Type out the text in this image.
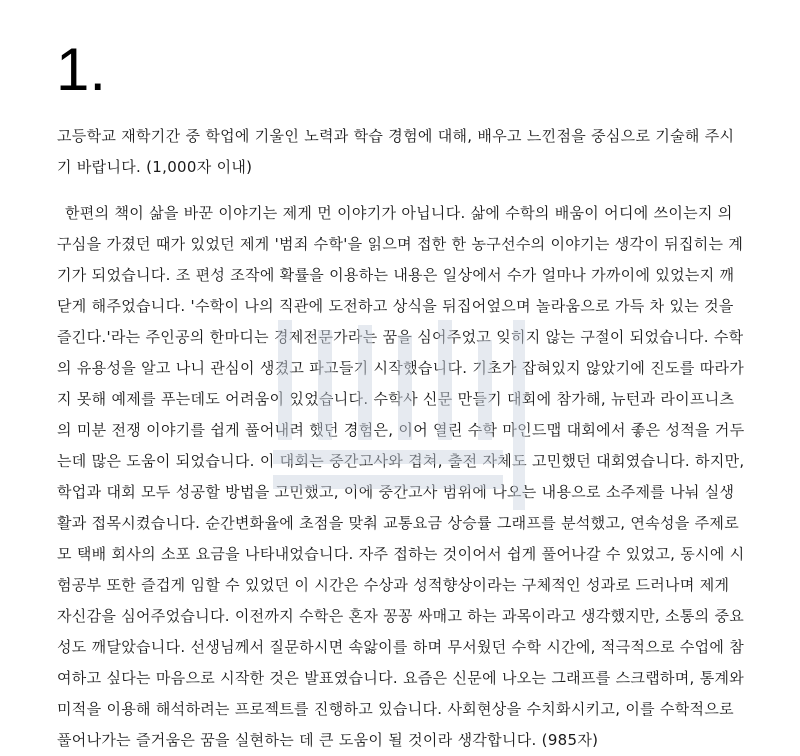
1.
고등학교 재학기간 중 학업에 기울인 노력과 학습 경험에 대해, 배우고 느낀점을 중심으로 기술해 주시기 바랍니다. (1,000자 이내)
한편의 책이 삶을 바꾼 이야기는 제게 먼 이야기가 아닙니다. 삶에 수학의 배움이 어디에 쓰이는지 의구심을 가졌던 때가 있었던 제게 '범죄 수학'을 읽으며 접한 한 농구선수의 이야기는 생각이 뒤집히는 계기가 되었습니다. 조 편성 조작에 확률을 이용하는 내용은 일상에서 수가 얼마나 가까이에 있었는지 깨닫게 해주었습니다. '수학이 나의 직관에 도전하고 상식을 뒤집어엎으며 놀라움으로 가득 차 있는 것을 즐긴다.'라는 주인공의 한마디는 경제전문가라는 꿈을 심어주었고 잊히지 않는 구절이 되었습니다. 수학의 유용성을 알고 나니 관심이 생겼고 파고들기 시작했습니다. 기초가 잡혀있지 않았기에 진도를 따라가지 못해 예제를 푸는데도 어려움이 있었습니다. 수학사 신문 만들기 대회에 참가해, 뉴턴과 라이프니츠의 미분 전쟁 이야기를 쉽게 풀어내려 했던 경험은, 이어 열린 수학 마인드맵 대회에서 좋은 성적을 거두는데 많은 도움이 되었습니다. 이 대회는 중간고사와 겹쳐, 출전 자체도 고민했던 대회였습니다. 하지만, 학업과 대회 모두 성공할 방법을 고민했고, 이에 중간고사 범위에 나오는 내용으로 소주제를 나눠 실생활과 접목시켰습니다. 순간변화율에 초점을 맞춰 교통요금 상승률 그래프를 분석했고, 연속성을 주제로 모 택배 회사의 소포 요금을 나타내었습니다. 자주 접하는 것이어서 쉽게 풀어나갈 수 있었고, 동시에 시험공부 또한 즐겁게 임할 수 있었던 이 시간은 수상과 성적향상이라는 구체적인 성과로 드러나며 제게 자신감을 심어주었습니다. 이전까지 수학은 혼자 꽁꽁 싸매고 하는 과목이라고 생각했지만, 소통의 중요성도 깨달았습니다. 선생님께서 질문하시면 속앓이를 하며 무서웠던 수학 시간에, 적극적으로 수업에 참여하고 싶다는 마음으로 시작한 것은 발표였습니다. 요즘은 신문에 나오는 그래프를 스크랩하며, 통계와 미적을 이용해 해석하려는 프로젝트를 진행하고 있습니다. 사회현상을 수치화시키고, 이를 수학적으로 풀어나가는 즐거움은 꿈을 실현하는 데 큰 도움이 될 것이라 생각합니다. (985자)
